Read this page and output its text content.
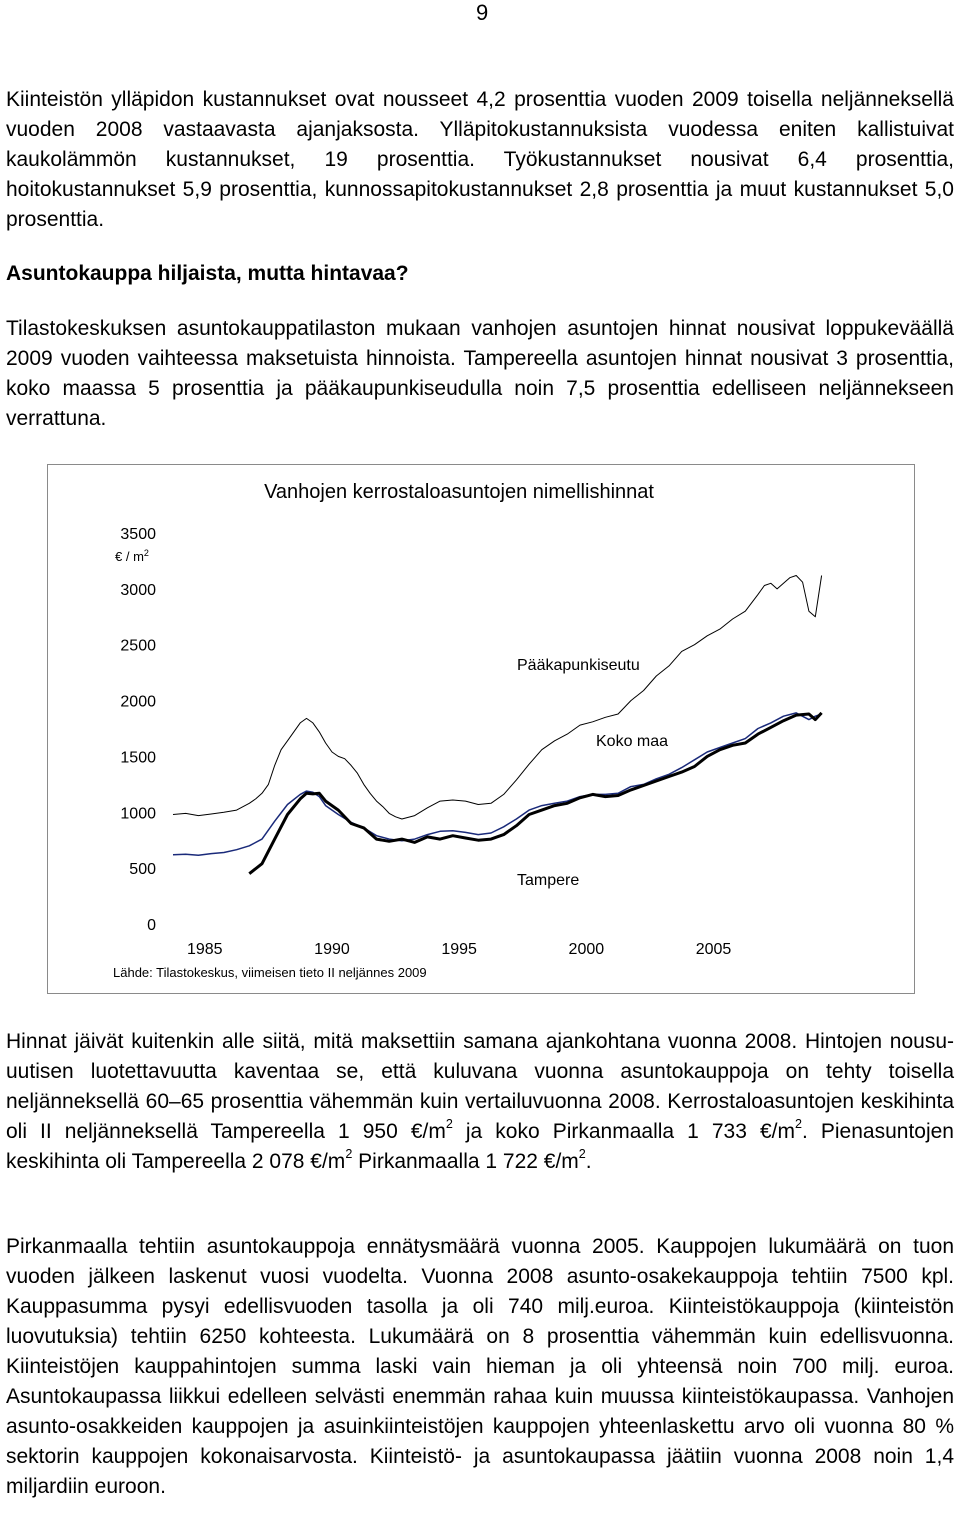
9

Kiinteistön ylläpidon kustannukset ovat nousseet 4,2 prosenttia vuoden 2009 toisella neljänneksellä vuoden 2008 vastaavasta ajanjaksosta. Ylläpitokustannuksista vuodessa eniten kallistuivat kaukolämmön kustannukset, 19 prosenttia. Työkustannukset nousivat 6,4 prosenttia, hoitokustannukset 5,9 prosenttia, kunnossapitokustannukset 2,8 prosenttia ja muut kustannukset 5,0 prosenttia.

Asuntokauppa hiljaista, mutta hintavaa?

Tilastokeskuksen asuntokauppatilaston mukaan vanhojen asuntojen hinnat nousivat loppukeväällä 2009 vuoden vaihteessa maksetuista hinnoista. Tampereella asuntojen hinnat nousivat 3 prosenttia, koko maassa 5 prosenttia ja pääkaupunkiseudulla noin 7,5 prosenttia edelliseen neljännekseen verrattuna.

Vanhojen kerrostaloasuntojen nimellishinnat
€ / $m^2$
0
500
1000
1500
2000
2500
3000
3500
1985	1990	1995	2000	2005
Pääkapunkiseutu
Koko maa
Tampere
Lähde: Tilastokeskus, viimeisen tieto II neljännes 2009

Hinnat jäivät kuitenkin alle siitä, mitä maksettiin samana ajankohtana vuonna 2008. Hintojen nousu-uutisen luotettavuutta kaventaa se, että kuluvana vuonna asuntokauppoja on tehty toisella neljänneksellä 60–65 prosenttia vähemmän kuin vertailuvuonna 2008. Kerrostaloasuntojen keskihinta oli II neljänneksellä Tampereella 1 950 $€/m^2$ ja koko Pirkanmaalla 1 733 $€/m^2$. Pienasuntojen keskihinta oli Tampereella 2 078 $€/m^2$ Pirkanmaalla 1 722 $€/m^2$.

Pirkanmaalla tehtiin asuntokauppoja ennätysmäärä vuonna 2005. Kauppojen lukumäärä on tuon vuoden jälkeen laskenut vuosi vuodelta. Vuonna 2008 asunto-osakekauppoja tehtiin 7500 kpl. Kauppasumma pysyi edellisvuoden tasolla ja oli 740 milj.euroa. Kiinteistökauppoja (kiinteistön luovutuksia) tehtiin 6250 kohteesta. Lukumäärä on 8 prosenttia vähemmän kuin edellisvuonna. Kiinteistöjen kauppahintojen summa laski vain hieman ja oli yhteensä noin 700 milj. euroa. Asuntokaupassa liikkui edelleen selvästi enemmän rahaa kuin muussa kiinteistökaupassa. Vanhojen asunto-osakkeiden kauppojen ja asuinkiinteistöjen kauppojen yhteenlaskettu arvo oli vuonna 80 % sektorin kauppojen kokonaisarvosta. Kiinteistö- ja asuntokaupassa jäätiin vuonna 2008 noin 1,4 miljardiin euroon.
